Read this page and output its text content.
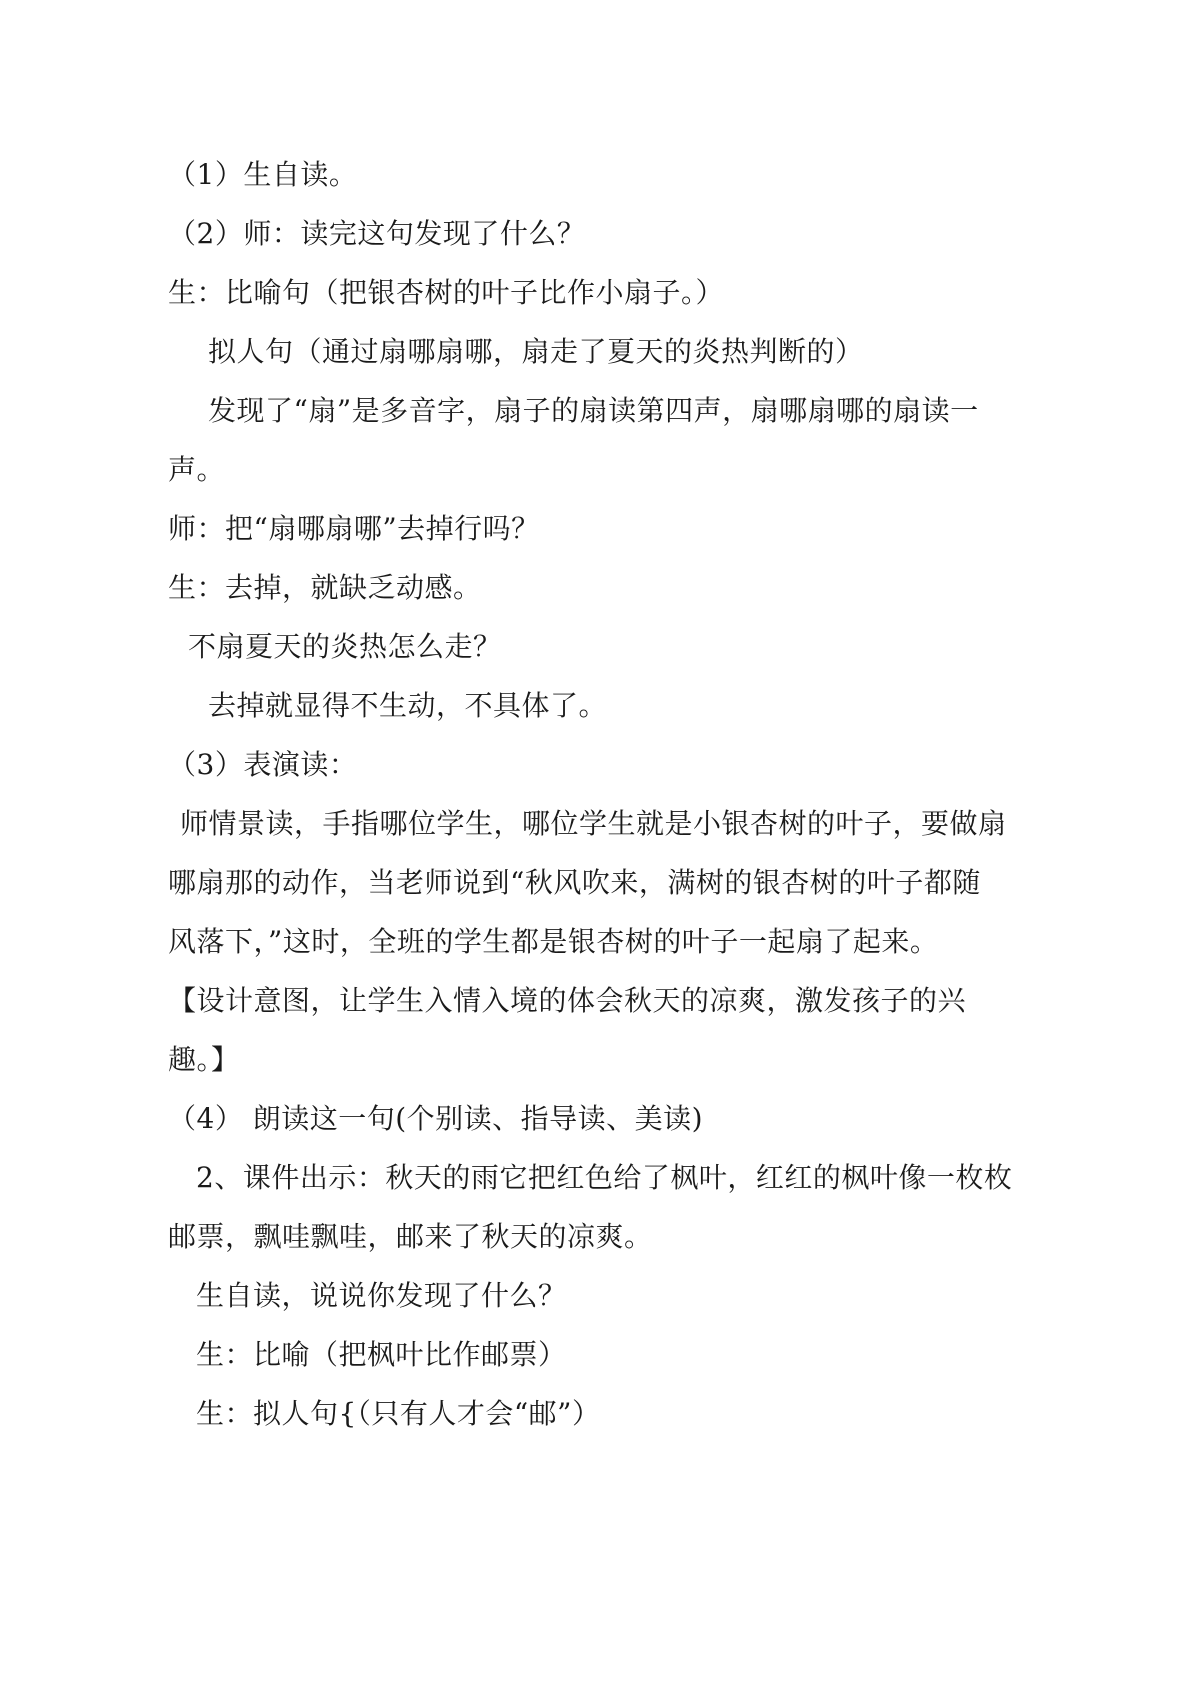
（1）生自读。
（2）师：读完这句发现了什么？
生：比喻句（把银杏树的叶子比作小扇子。）
拟人句（通过扇哪扇哪，扇走了夏天的炎热判断的）
发现了“扇”是多音字，扇子的扇读第四声，扇哪扇哪的扇读一
声。
师：把“扇哪扇哪”去掉行吗？
生：去掉，就缺乏动感。
不扇夏天的炎热怎么走？
去掉就显得不生动，不具体了。
（3）表演读：
师情景读，手指哪位学生，哪位学生就是小银杏树的叶子，要做扇
哪扇那的动作，当老师说到“秋风吹来，满树的银杏树的叶子都随
风落下，”这时，全班的学生都是银杏树的叶子一起扇了起来。
【设计意图，让学生入情入境的体会秋天的凉爽，激发孩子的兴
趣。】
（4） 朗读这一句(个别读、指导读、美读)
2、课件出示：秋天的雨它把红色给了枫叶，红红的枫叶像一枚枚
邮票，飘哇飘哇，邮来了秋天的凉爽。
生自读，说说你发现了什么？
生：比喻（把枫叶比作邮票）
生：拟人句{（只有人才会“邮”）
